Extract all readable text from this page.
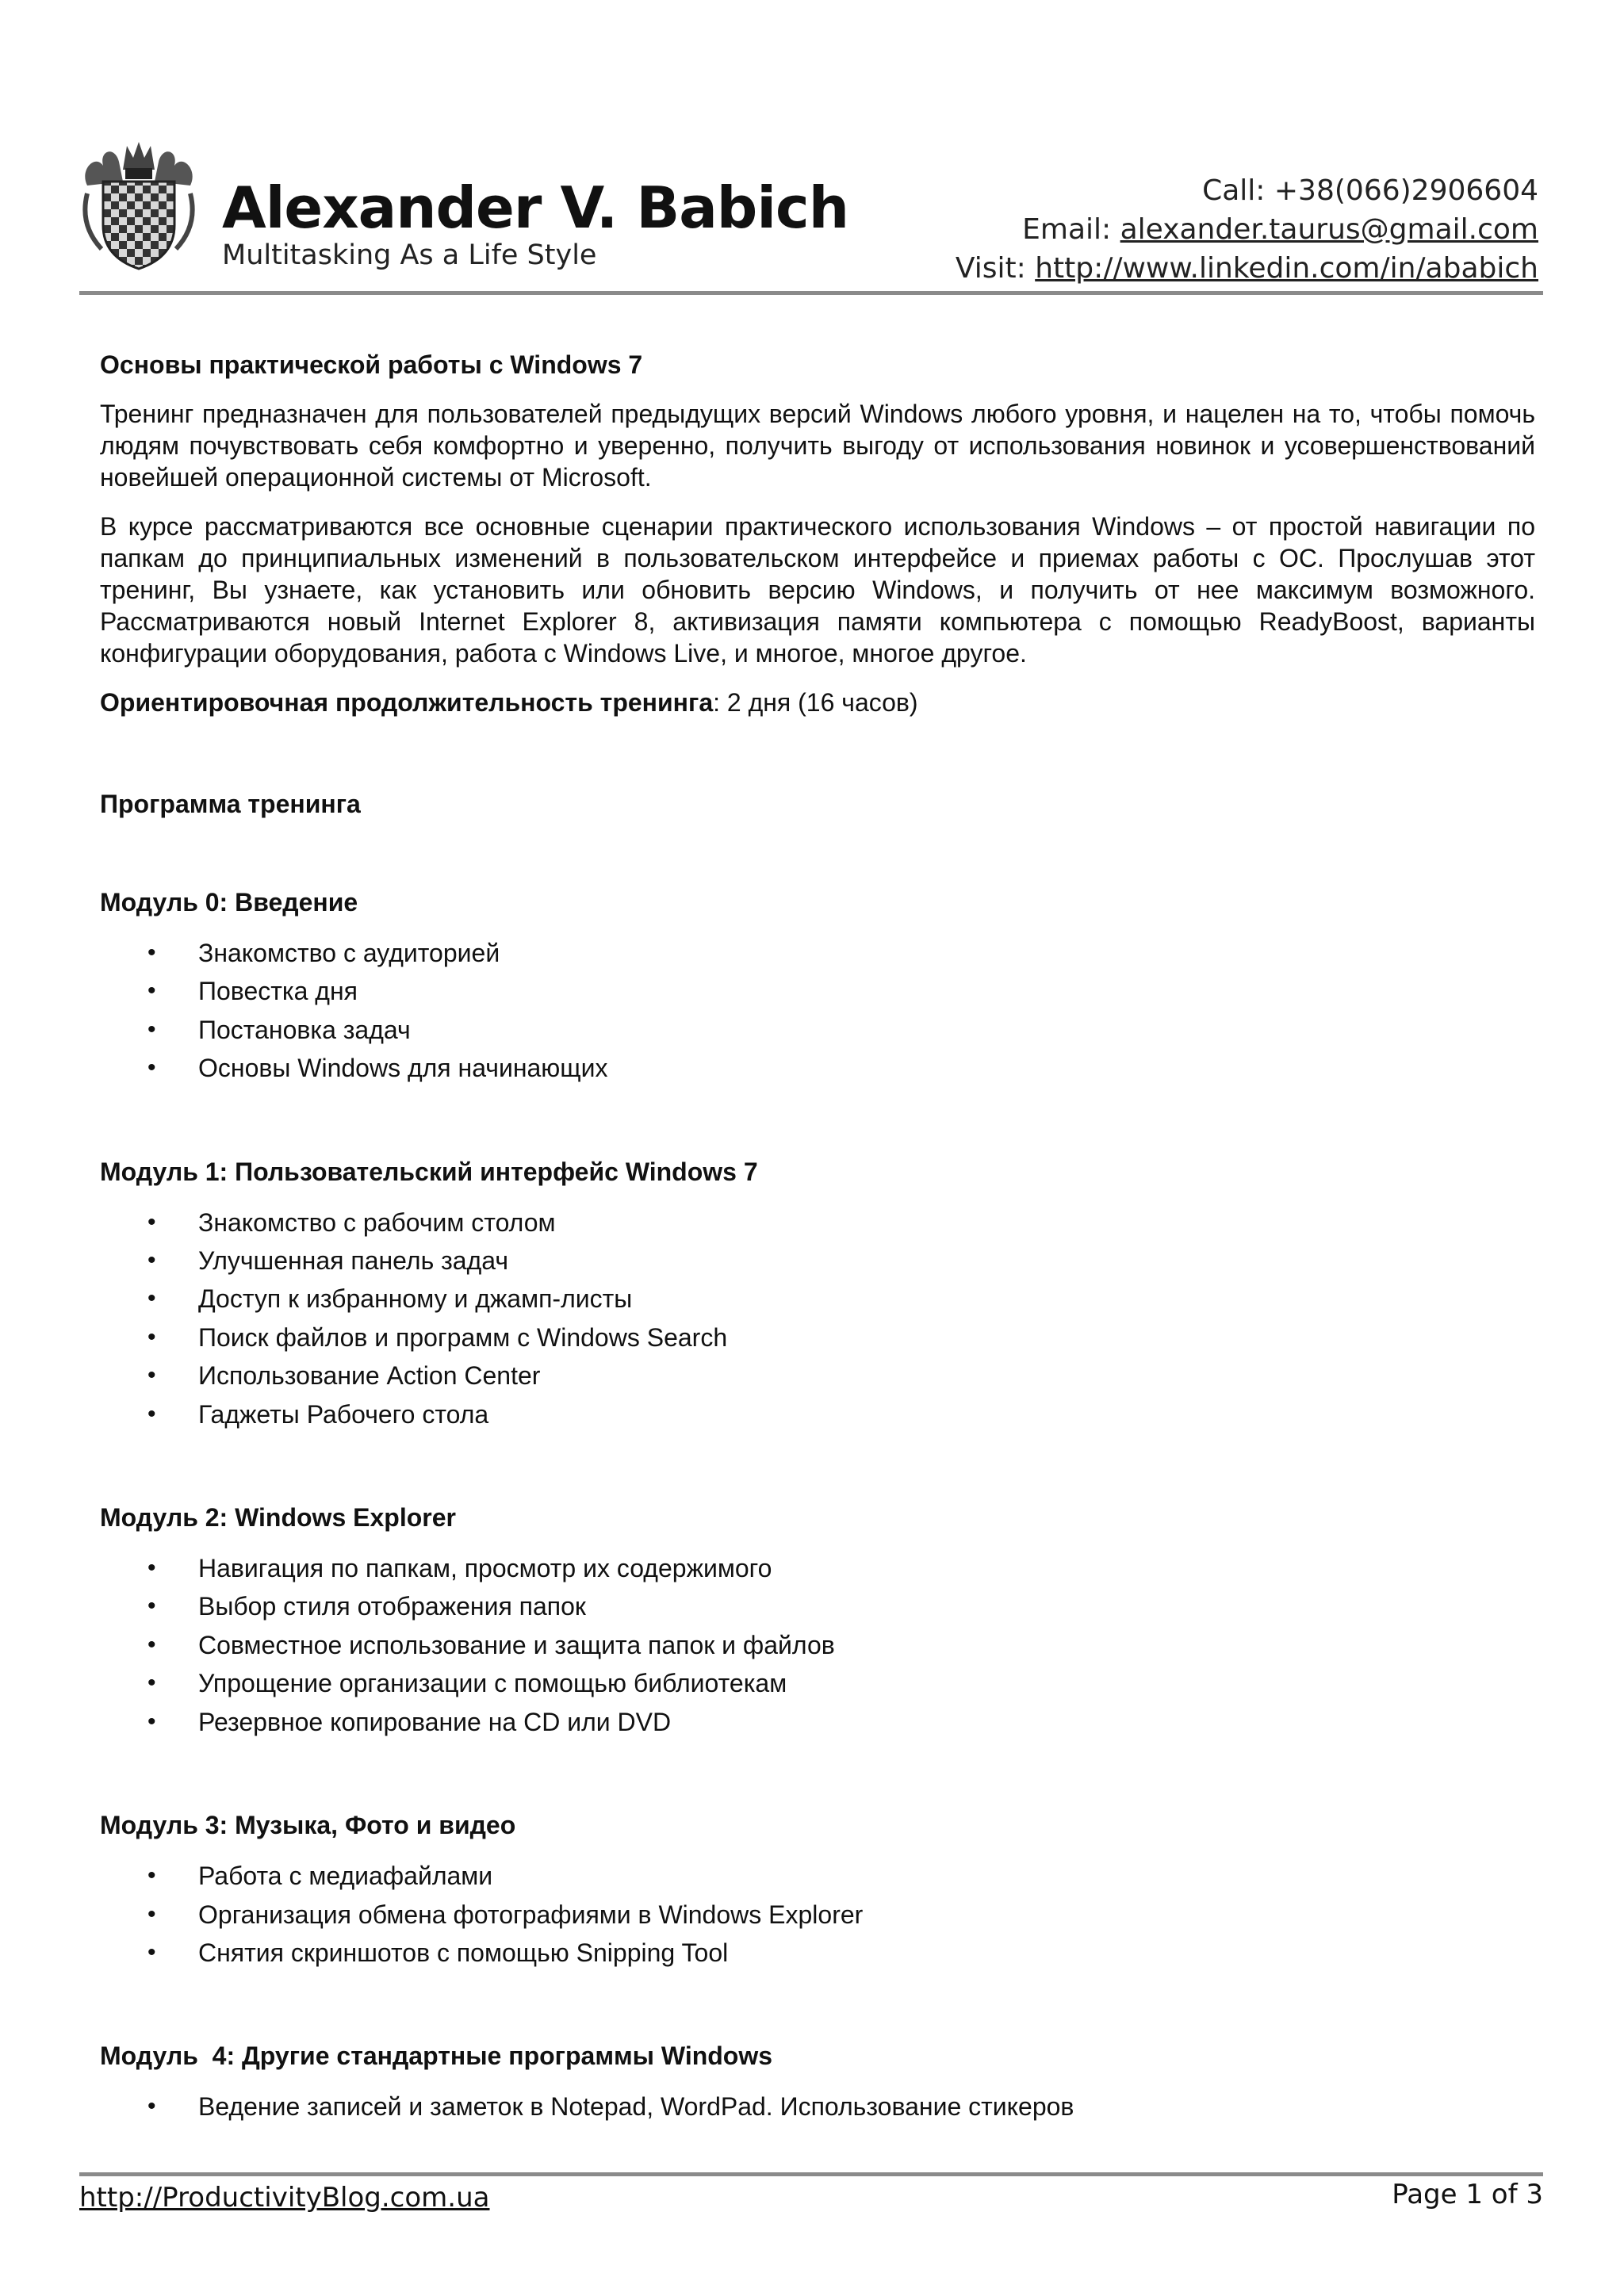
Alexander V. Babich
Multitasking As a Life Style
Call: +38(066)2906604
Email: alexander.taurus@gmail.com
Visit: http://www.linkedin.com/in/ababich
Основы практической работы с Windows 7

Тренинг предназначен для пользователей предыдущих версий Windows любого уровня, и нацелен на то, чтобы помочь людям почувствовать себя комфортно и уверенно, получить выгоду от использования новинок и усовершенствований новейшей операционной системы от Microsoft.

В курсе рассматриваются все основные сценарии практического использования Windows – от простой навигации по папкам до принципиальных изменений в пользовательском интерфейсе и приемах работы с ОС. Прослушав этот тренинг, Вы узнаете, как установить или обновить версию Windows, и получить от нее максимум возможного. Рассматриваются новый Internet Explorer 8, активизация памяти компьютера с помощью ReadyBoost, варианты конфигурации оборудования, работа с Windows Live, и многое, многое другое.

Ориентировочная продолжительность тренинга: 2 дня (16 часов)

Программа тренинга
Модуль 0: Введение
• Знакомство с аудиторией
• Повестка дня
• Постановка задач
• Основы Windows для начинающих
Модуль 1: Пользовательский интерфейс Windows 7
• Знакомство с рабочим столом
• Улучшенная панель задач
• Доступ к избранному и джамп-листы
• Поиск файлов и программ с Windows Search
• Использование Action Center
• Гаджеты Рабочего стола
Модуль 2: Windows Explorer
• Навигация по папкам, просмотр их содержимого
• Выбор стиля отображения папок
• Совместное использование и защита папок и файлов
• Упрощение организации с помощью библиотекам
• Резервное копирование на CD или DVD
Модуль 3: Музыка, Фото и видео
• Работа с медиафайлами
• Организация обмена фотографиями в Windows Explorer
• Снятия скриншотов с помощью Snipping Tool
Модуль  4: Другие стандартные программы Windows
• Ведение записей и заметок в Notepad, WordPad. Использование стикеров
http://ProductivityBlog.com.ua	Page 1 of 3
